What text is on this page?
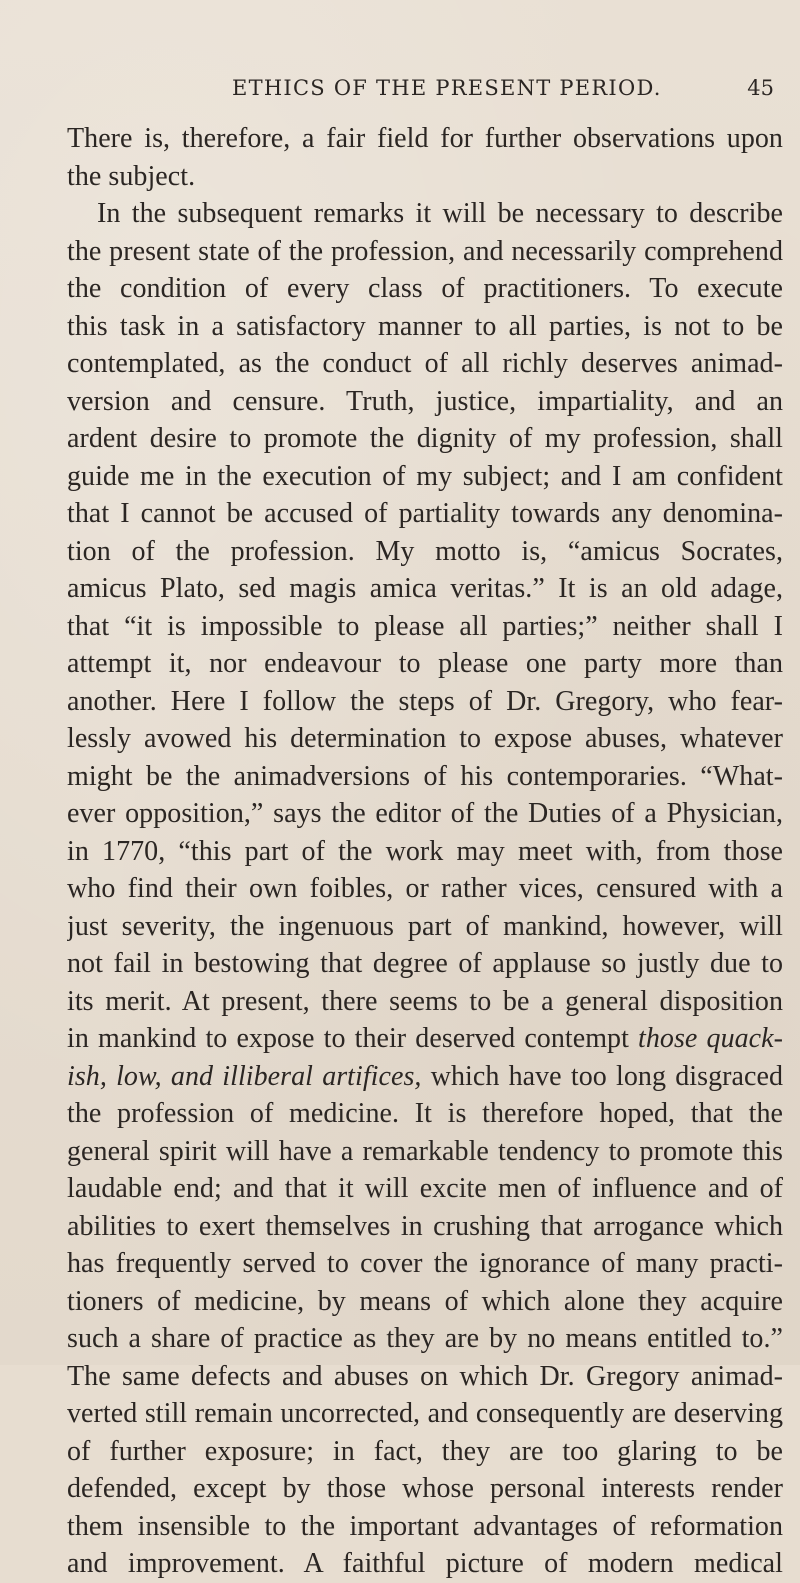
ETHICS OF THE PRESENT PERIOD.	45
There is, therefore, a fair field for further observations upon
the subject.
In the subsequent remarks it will be necessary to describe
the present state of the profession, and necessarily comprehend
the condition of every class of practitioners. To execute
this task in a satisfactory manner to all parties, is not to be
contemplated, as the conduct of all richly deserves animad-
version and censure. Truth, justice, impartiality, and an
ardent desire to promote the dignity of my profession, shall
guide me in the execution of my subject; and I am confident
that I cannot be accused of partiality towards any denomina-
tion of the profession. My motto is, “amicus Socrates,
amicus Plato, sed magis amica veritas.” It is an old adage,
that “it is impossible to please all parties;” neither shall I
attempt it, nor endeavour to please one party more than
another. Here I follow the steps of Dr. Gregory, who fear-
lessly avowed his determination to expose abuses, whatever
might be the animadversions of his contemporaries. “What-
ever opposition,” says the editor of the Duties of a Physician,
in 1770, “this part of the work may meet with, from those
who find their own foibles, or rather vices, censured with a
just severity, the ingenuous part of mankind, however, will
not fail in bestowing that degree of applause so justly due to
its merit. At present, there seems to be a general disposition
in mankind to expose to their deserved contempt those quack-
ish, low, and illiberal artifices, which have too long disgraced
the profession of medicine. It is therefore hoped, that the
general spirit will have a remarkable tendency to promote this
laudable end; and that it will excite men of influence and of
abilities to exert themselves in crushing that arrogance which
has frequently served to cover the ignorance of many practi-
tioners of medicine, by means of which alone they acquire
such a share of practice as they are by no means entitled to.”
The same defects and abuses on which Dr. Gregory animad-
verted still remain uncorrected, and consequently are deserving
of further exposure; in fact, they are too glaring to be
defended, except by those whose personal interests render
them insensible to the important advantages of reformation
and improvement. A faithful picture of modern medical
